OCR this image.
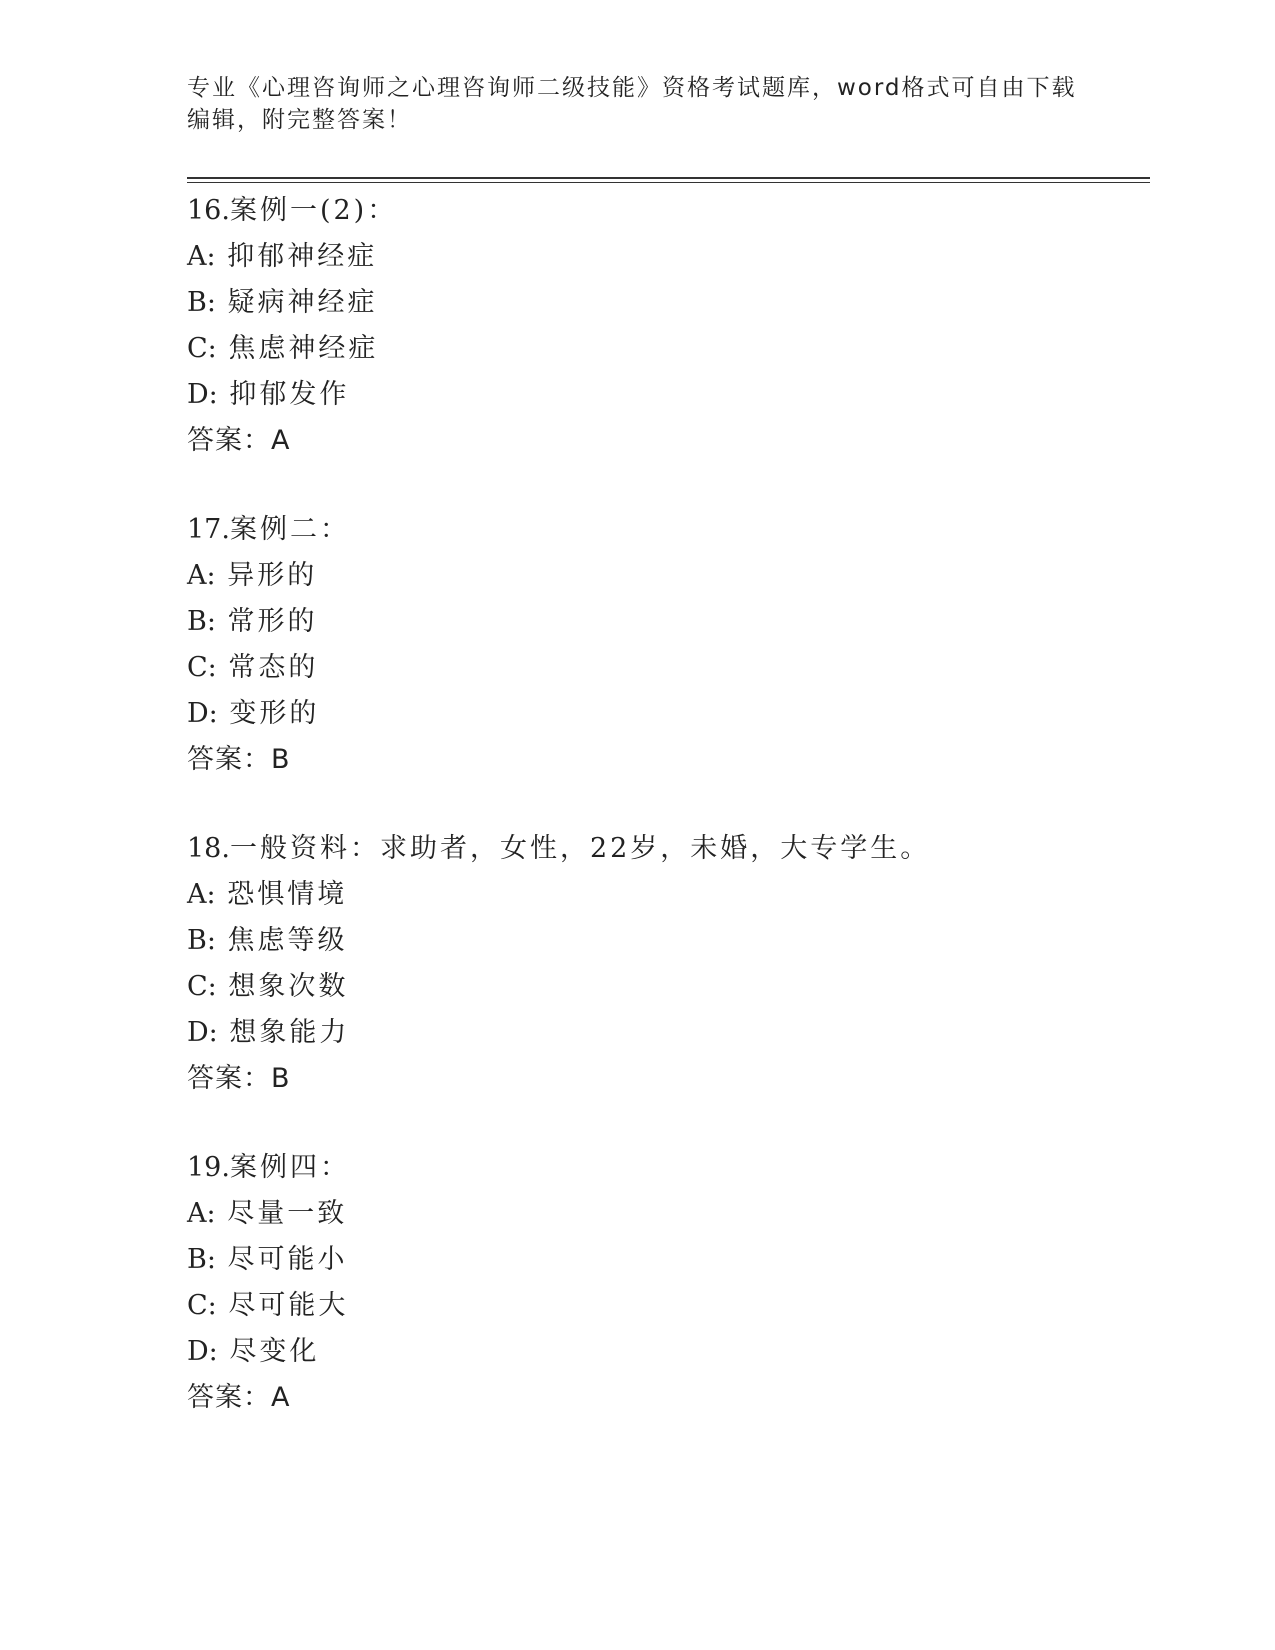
专业《心理咨询师之心理咨询师二级技能》资格考试题库，word格式可自由下载
编辑，附完整答案！
16.案例一(2)：
A: 抑郁神经症
B: 疑病神经症
C: 焦虑神经症
D: 抑郁发作
答案：A
17.案例二：
A: 异形的
B: 常形的
C: 常态的
D: 变形的
答案：B
18.一般资料：求助者，女性，22岁，未婚，大专学生。
A: 恐惧情境
B: 焦虑等级
C: 想象次数
D: 想象能力
答案：B
19.案例四：
A: 尽量一致
B: 尽可能小
C: 尽可能大
D: 尽变化
答案：A
